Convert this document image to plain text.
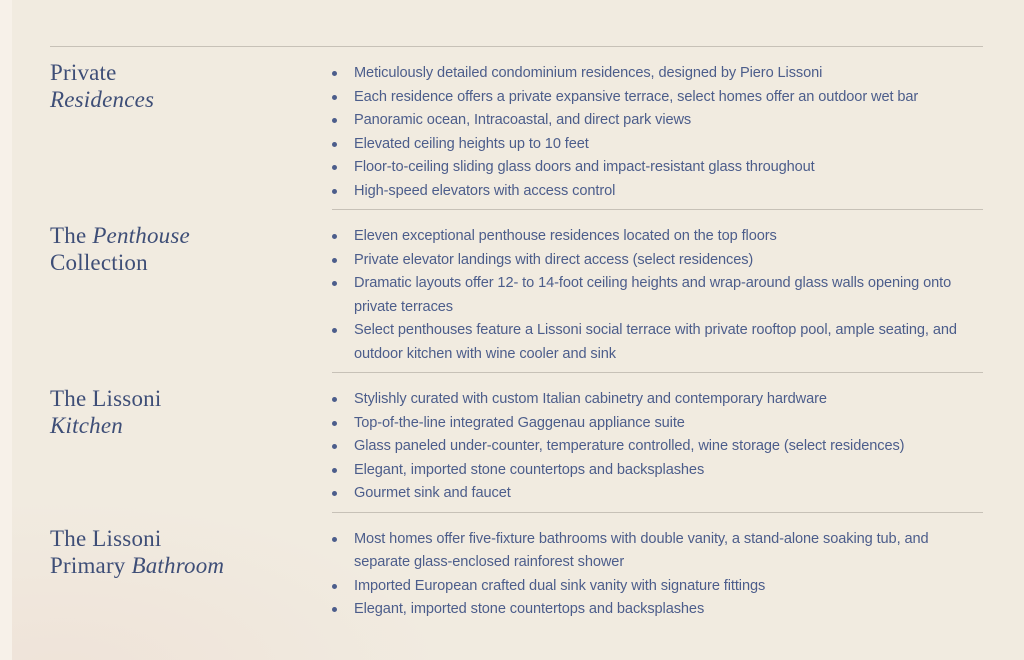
Private
Residences
Meticulously detailed condominium residences, designed by Piero Lissoni
Each residence offers a private expansive terrace, select homes offer an outdoor wet bar
Panoramic ocean, Intracoastal, and direct park views
Elevated ceiling heights up to 10 feet
Floor-to-ceiling sliding glass doors and impact-resistant glass throughout
High-speed elevators with access control
The Penthouse
Collection
Eleven exceptional penthouse residences located on the top floors
Private elevator landings with direct access (select residences)
Dramatic layouts offer 12- to 14-foot ceiling heights and wrap-around glass walls opening onto private terraces
Select penthouses feature a Lissoni social terrace with private rooftop pool, ample seating, and outdoor kitchen with wine cooler and sink
The Lissoni
Kitchen
Stylishly curated with custom Italian cabinetry and contemporary hardware
Top-of-the-line integrated Gaggenau appliance suite
Glass paneled under-counter, temperature controlled, wine storage (select residences)
Elegant, imported stone countertops and backsplashes
Gourmet sink and faucet
The Lissoni
Primary Bathroom
Most homes offer five-fixture bathrooms with double vanity, a stand-alone soaking tub, and separate glass-enclosed rainforest shower
Imported European crafted dual sink vanity with signature fittings
Elegant, imported stone countertops and backsplashes
